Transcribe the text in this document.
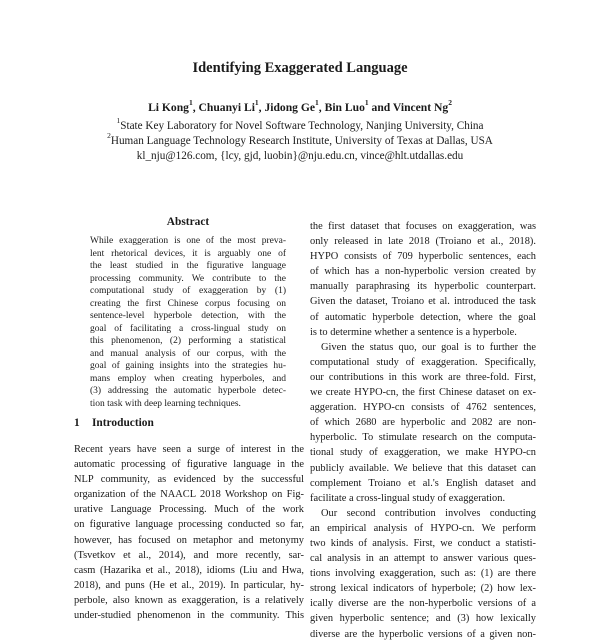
Identifying Exaggerated Language
Li Kong$^1$, Chuanyi Li$^1$, Jidong Ge$^1$, Bin Luo$^1$ and Vincent Ng$^2$
$^1$State Key Laboratory for Novel Software Technology, Nanjing University, China
$^2$Human Language Technology Research Institute, University of Texas at Dallas, USA
kl_nju@126.com, {lcy, gjd, luobin}@nju.edu.cn, vince@hlt.utdallas.edu
Abstract
While exaggeration is one of the most preva-
lent rhetorical devices, it is arguably one of
the least studied in the figurative language
processing community. We contribute to the
computational study of exaggeration by (1)
creating the first Chinese corpus focusing on
sentence-level hyperbole detection, with the
goal of facilitating a cross-lingual study on
this phenomenon, (2) performing a statistical
and manual analysis of our corpus, with the
goal of gaining insights into the strategies hu-
mans employ when creating hyperboles, and
(3) addressing the automatic hyperbole detec-
tion task with deep learning techniques.
1 Introduction
Recent years have seen a surge of interest in the
automatic processing of figurative language in the
NLP community, as evidenced by the successful
organization of the NAACL 2018 Workshop on Fig-
urative Language Processing. Much of the work
on figurative language processing conducted so far,
however, has focused on metaphor and metonymy
(Tsvetkov et al., 2014), and more recently, sar-
casm (Hazarika et al., 2018), idioms (Liu and Hwa,
2018), and puns (He et al., 2019). In particular, hy-
perbole, also known as exaggeration, is a relatively
under-studied phenomenon in the community. This
the first dataset that focuses on exaggeration, was
only released in late 2018 (Troiano et al., 2018).
HYPO consists of 709 hyperbolic sentences, each
of which has a non-hyperbolic version created by
manually paraphrasing its hyperbolic counterpart.
Given the dataset, Troiano et al. introduced the task
of automatic hyperbole detection, where the goal
is to determine whether a sentence is a hyperbole.
Given the status quo, our goal is to further the
computational study of exaggeration. Specifically,
our contributions in this work are three-fold. First,
we create HYPO-cn, the first Chinese dataset on ex-
aggeration. HYPO-cn consists of 4762 sentences,
of which 2680 are hyperbolic and 2082 are non-
hyperbolic. To stimulate research on the computa-
tional study of exaggeration, we make HYPO-cn
publicly available. We believe that this dataset can
complement Troiano et al.'s English dataset and
facilitate a cross-lingual study of exaggeration.
Our second contribution involves conducting
an empirical analysis of HYPO-cn. We perform
two kinds of analysis. First, we conduct a statisti-
cal analysis in an attempt to answer various ques-
tions involving exaggeration, such as: (1) are there
strong lexical indicators of hyperbole; (2) how lex-
ically diverse are the non-hyperbolic versions of a
given hyperbolic sentence; and (3) how lexically
diverse are the hyperbolic versions of a given non-
